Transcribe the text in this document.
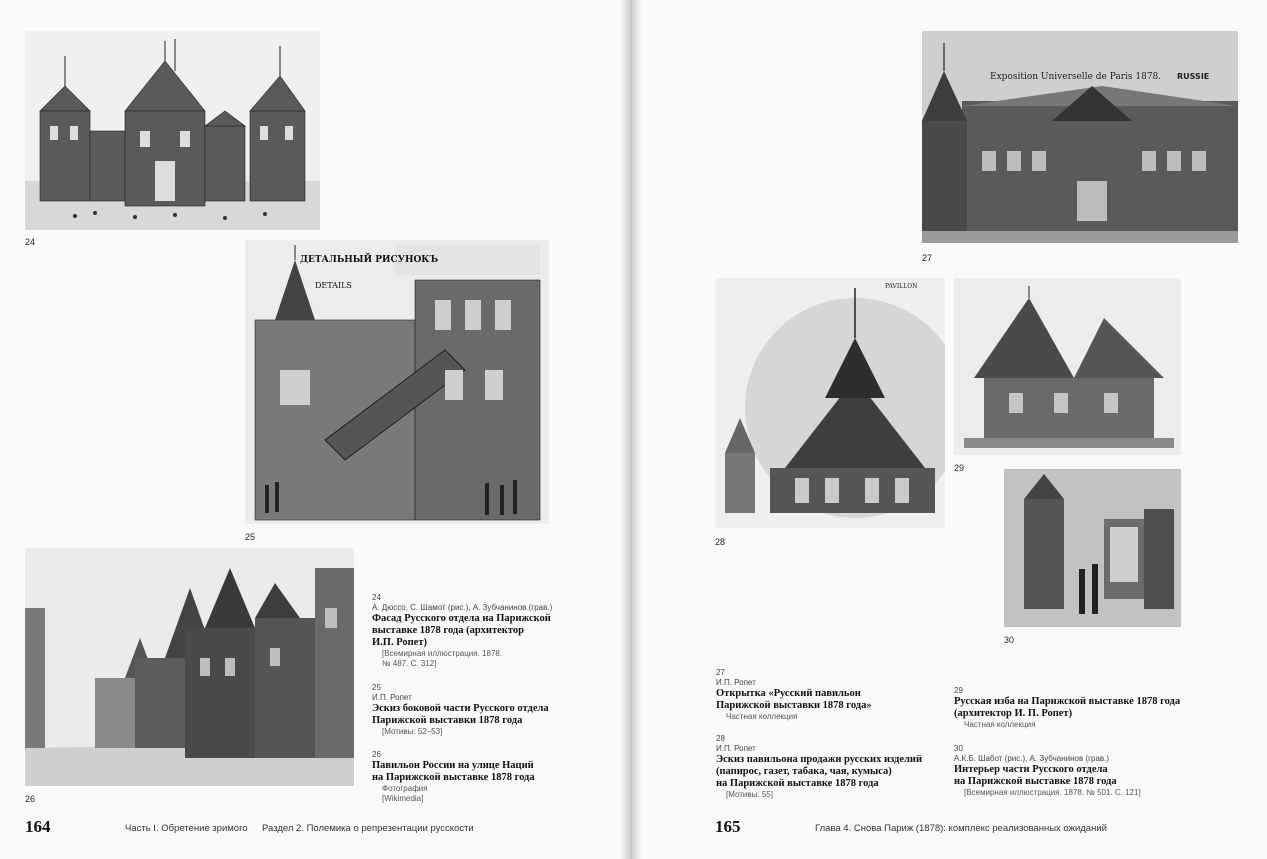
24
ДЕТАЛЬНЫЙ РИСУНОКЪ
DETAILS
25
26
24
А. Дюссо, С. Шамот (рис.), А. Зубчанинов (грав.)
Фасад Русского отдела на Парижской
выставке 1878 года (архитектор
И.П. Ропет)
[Всемирная иллюстрация. 1878.
№ 487. С. 312]
25
И.П. Ропет
Эскиз боковой части Русского отдела
Парижской выставки 1878 года
[Мотивы: 52–53]
26
Павильон России на улице Наций
на Парижской выставке 1878 года
Фотография
[Wikimedia]
164	Часть I. Обретение зримого Раздел 2. Полемика о репрезентации русскости
Exposition Universelle de Paris 1878. RUSSIE
27
PAVILLON
28
29
30
27
И.П. Ропет
Открытка «Русский павильон
Парижской выставки 1878 года»
Частная коллекция
28
И.П. Ропет
Эскиз павильона продажи русских изделий
(папирос, газет, табака, чая, кумыса)
на Парижской выставке 1878 года
[Мотивы: 55]
29
Русская изба на Парижской выставке 1878 года
(архитектор И. П. Ропет)
Частная коллекция
30
А.К.Б. Шабот (рис.), А. Зубчанинов (грав.)
Интерьер части Русского отдела
на Парижской выставке 1878 года
[Всемирная иллюстрация. 1878. № 501. С. 121]
165	Глава 4. Снова Париж (1878): комплекс реализованных ожиданий
